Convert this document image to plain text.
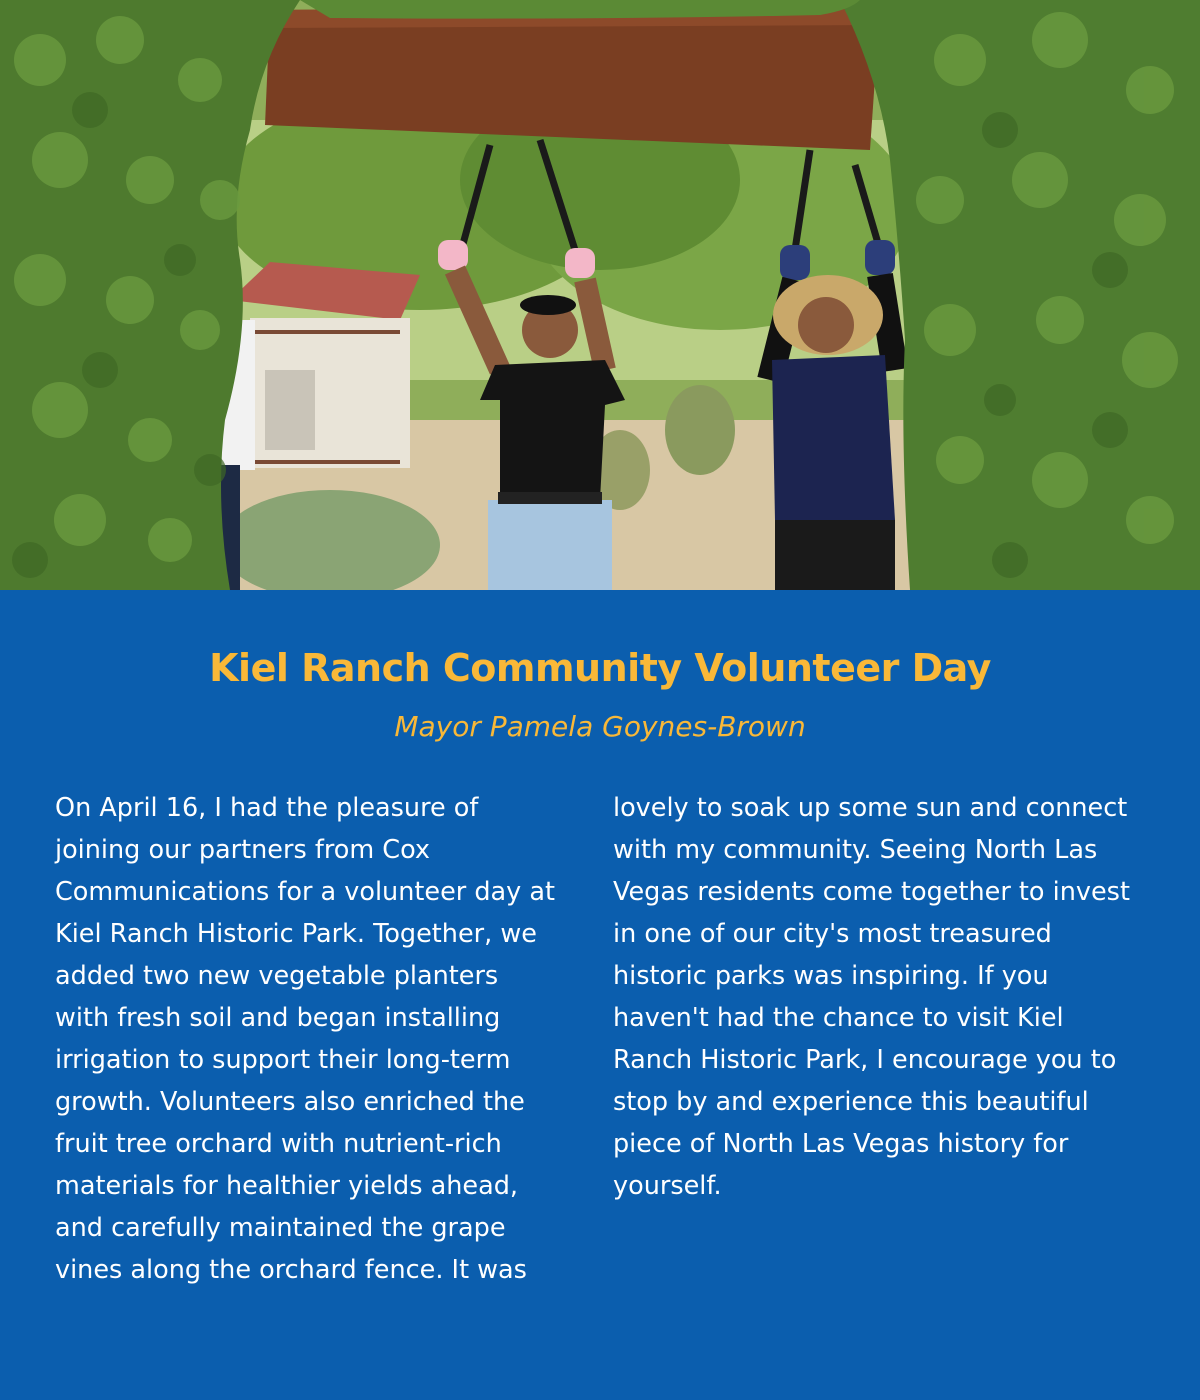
Kiel Ranch Community Volunteer Day

Mayor Pamela Goynes-Brown

On April 16, I had the pleasure of
joining our partners from Cox
Communications for a volunteer day at
Kiel Ranch Historic Park. Together, we
added two new vegetable planters
with fresh soil and began installing
irrigation to support their long-term
growth. Volunteers also enriched the
fruit tree orchard with nutrient-rich
materials for healthier yields ahead,
and carefully maintained the grape
vines along the orchard fence. It was
lovely to soak up some sun and connect
with my community. Seeing North Las
Vegas residents come together to invest
in one of our city's most treasured
historic parks was inspiring. If you
haven't had the chance to visit Kiel
Ranch Historic Park, I encourage you to
stop by and experience this beautiful
piece of North Las Vegas history for
yourself.
